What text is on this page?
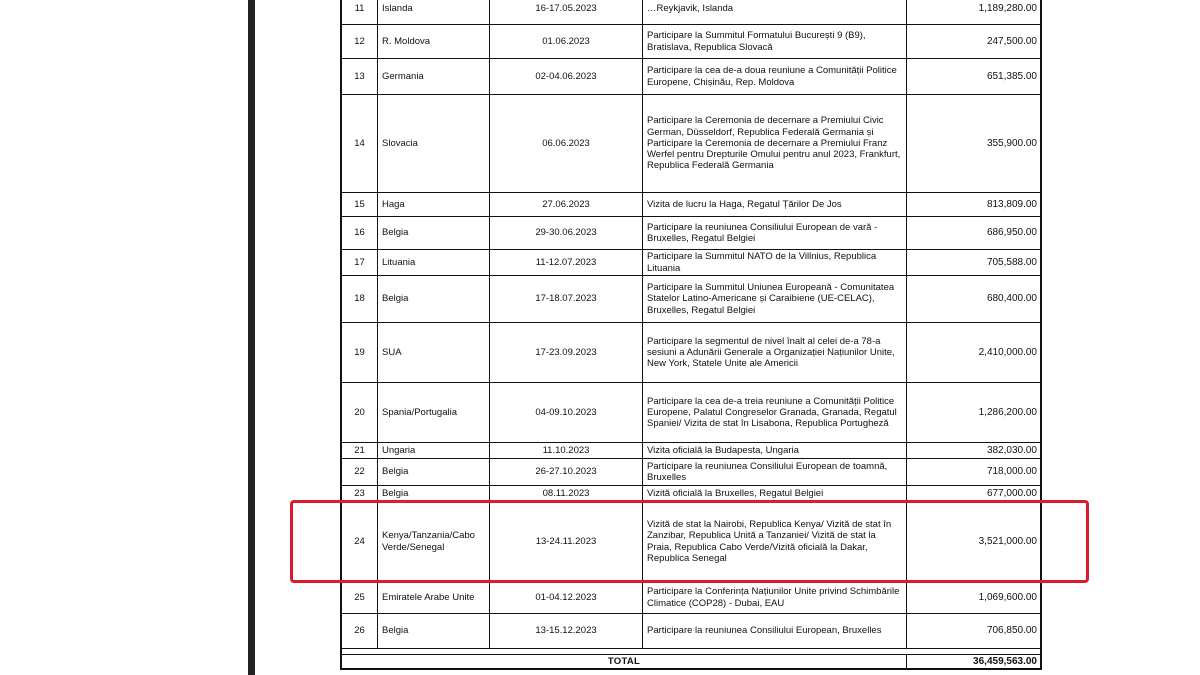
11	Islanda	16-17.05.2023	…Reykjavik, Islanda	1,189,280.00
12	R. Moldova	01.06.2023	Participare la Summitul Formatului București 9 (B9), Bratislava, Republica Slovacă	247,500.00
13	Germania	02-04.06.2023	Participare la cea de-a doua reuniune a Comunității Politice Europene, Chișinău, Rep. Moldova	651,385.00
14	Slovacia	06.06.2023	Participare la Ceremonia de decernare a Premiului Civic German, Düsseldorf, Republica Federală Germania și Participare la Ceremonia de decernare a Premiului Franz Werfel pentru Drepturile Omului pentru anul 2023, Frankfurt, Republica Federală Germania	355,900.00
15	Haga	27.06.2023	Vizita de lucru la Haga, Regatul Țărilor De Jos	813,809.00
16	Belgia	29-30.06.2023	Participare la reuniunea Consiliului European de vară - Bruxelles, Regatul Belgiei	686,950.00
17	Lituania	11-12.07.2023	Participare la Summitul NATO de la Villnius, Republica Lituania	705,588.00
18	Belgia	17-18.07.2023	Participare la Summitul Uniunea Europeană - Comunitatea Statelor Latino-Americane și Caraibiene (UE-CELAC), Bruxelles, Regatul Belgiei	680,400.00
19	SUA	17-23.09.2023	Participare la segmentul de nivel înalt al celei de-a 78-a sesiuni a Adunării Generale a Organizației Națiunilor Unite, New York, Statele Unite ale Americii	2,410,000.00
20	Spania/Portugalia	04-09.10.2023	Participare la cea de-a treia reuniune a Comunității Politice Europene, Palatul Congreselor Granada, Granada, Regatul Spaniei/ Vizita de stat în Lisabona, Republica Portugheză	1,286,200.00
21	Ungaria	11.10.2023	Vizita oficială la Budapesta, Ungaria	382,030.00
22	Belgia	26-27.10.2023	Participare la reuniunea Consiliului European de toamnă, Bruxelles	718,000.00
23	Belgia	08.11.2023	Vizită oficială la Bruxelles, Regatul Belgiei	677,000.00
24	Kenya/Tanzania/Cabo Verde/Senegal	13-24.11.2023	Vizită de stat la Nairobi, Republica Kenya/ Vizită de stat în Zanzibar, Republica Unită a Tanzaniei/ Vizită de stat la Praia, Republica Cabo Verde/Vizită oficială la Dakar, Republica Senegal	3,521,000.00
25	Emiratele Arabe Unite	01-04.12.2023	Participare la Conferința Națiunilor Unite privind Schimbările Climatice (COP28) - Dubai, EAU	1,069,600.00
26	Belgia	13-15.12.2023	Participare la reuniunea Consiliului European, Bruxelles	706,850.00

TOTAL				36,459,563.00
